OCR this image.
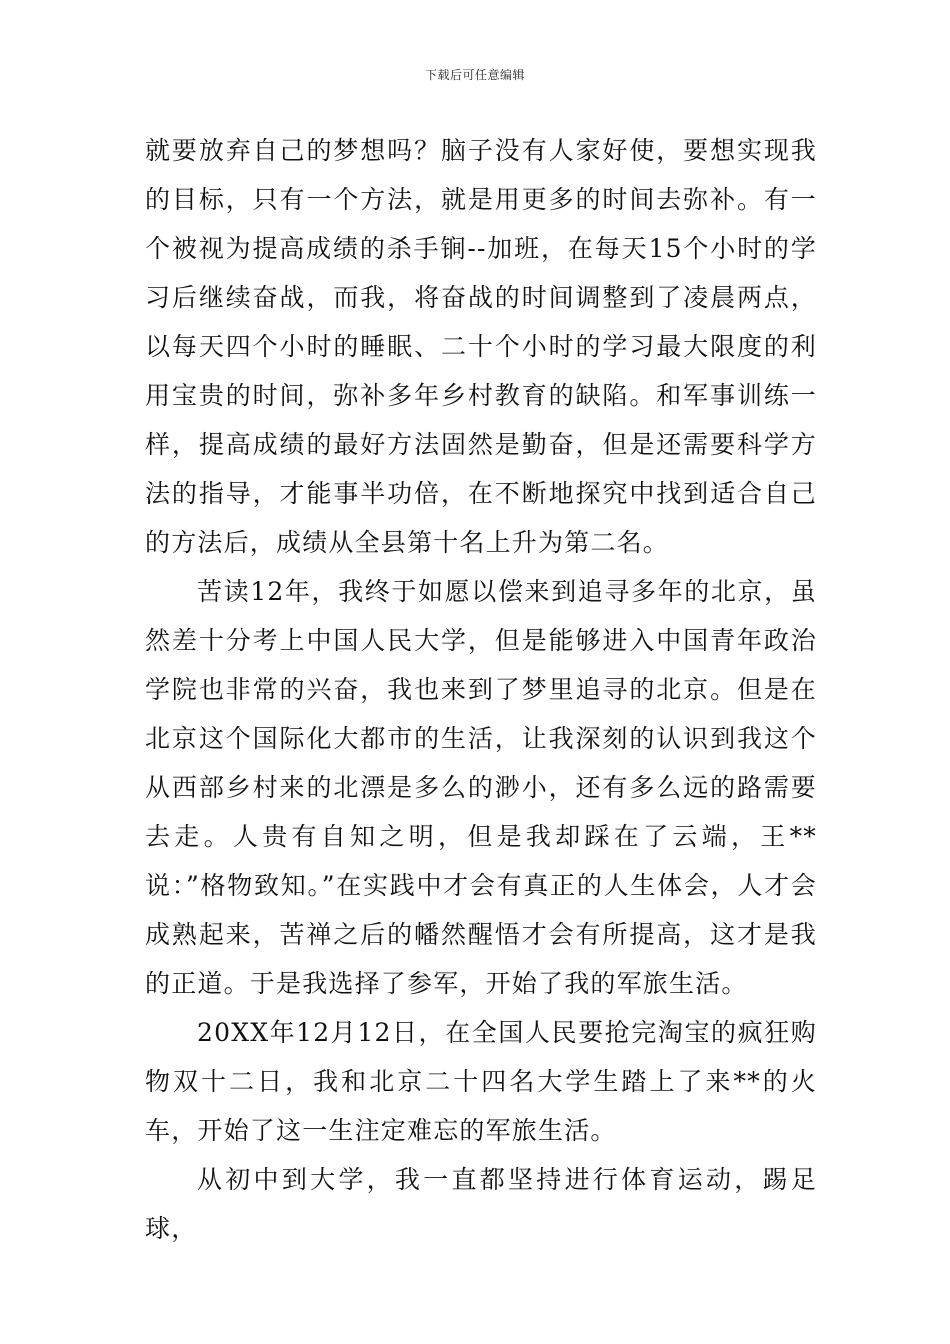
下载后可任意编辑

就要放弃自己的梦想吗？脑子没有人家好使，要想实现我的目标，只有一个方法，就是用更多的时间去弥补。有一个被视为提高成绩的杀手锏--加班，在每天15个小时的学习后继续奋战，而我，将奋战的时间调整到了凌晨两点，以每天四个小时的睡眠、二十个小时的学习最大限度的利用宝贵的时间，弥补多年乡村教育的缺陷。和军事训练一样，提高成绩的最好方法固然是勤奋，但是还需要科学方法的指导，才能事半功倍，在不断地探究中找到适合自己的方法后，成绩从全县第十名上升为第二名。

苦读12年，我终于如愿以偿来到追寻多年的北京，虽然差十分考上中国人民大学，但是能够进入中国青年政治学院也非常的兴奋，我也来到了梦里追寻的北京。但是在北京这个国际化大都市的生活，让我深刻的认识到我这个从西部乡村来的北漂是多么的渺小，还有多么远的路需要去走。人贵有自知之明，但是我却踩在了云端，王**说：”格物致知。”在实践中才会有真正的人生体会，人才会成熟起来，苦禅之后的幡然醒悟才会有所提高，这才是我的正道。于是我选择了参军，开始了我的军旅生活。

20XX年12月12日，在全国人民要抢完淘宝的疯狂购物双十二日，我和北京二十四名大学生踏上了来**的火车，开始了这一生注定难忘的军旅生活。

从初中到大学，我一直都坚持进行体育运动，踢足球，
